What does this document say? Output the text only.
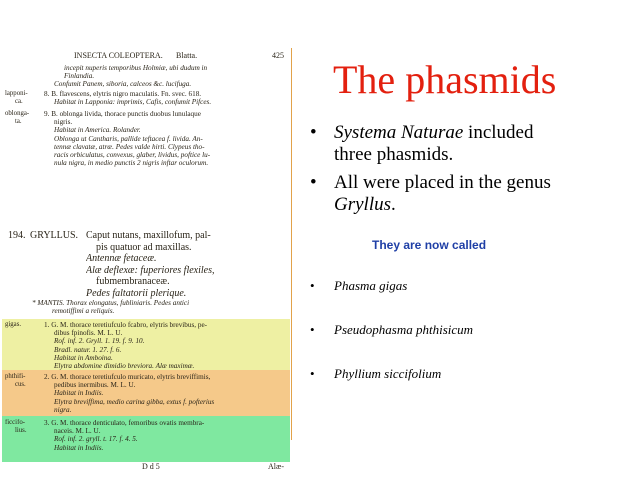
INSECTA COLEOPTERA. Blatta.	425
incepit nuperis temporibus Holmiæ, ubi dudum in
Finlandia.
Confumit Panem, siboria, calceos &c. lucifuga.
lapponi-
ca.
8. B. flavescens, elytris nigro maculatis. Fn. svec. 618.
Habitat in Lapponia: imprimis, Cafis, confumit Pifces.
oblonga-
ta.
9. B. oblonga livida, thorace punctis duobus lunulaque
nigris.
Habitat in America. Rolander.
Oblonga ut Cantharis, pallide teftacea f. livida. An-
tennæ clavatæ, atræ. Pedes valde hirti. Clypeus tho-
racis orbiculatus, convexus, glaber, lividus, poftice lu-
nula nigra, in medio punctis 2 nigris inftar oculorum.
194. GRYLLUS. Caput nutans, maxillofum, pal-
pis quatuor ad maxillas.
Antennæ fetaceæ.
Alæ deflexæ: fuperiores flexiles,
fubmembranaceæ.
Pedes faltatorii plerique.
* MANTIS. Thorax elongatus, fubliniaris. Pedes antici
remotiffimi a reliquis.
gigas.	1. G. M. thorace teretiufculo fcabro, elytris brevibus, pe-
dibus fpinofis. M. L. U.
Rof. inf. 2. Gryll. 1. 19. f. 9. 10.
Bradl. natur. 1. 27. f. 6.
Habitat in Amboina.
Elytra abdomine dimidio breviora. Alæ maximæ.
phthifi-
cus.
2. G. M. thorace teretiufculo muricato, elytris breviffimis,
pedibus inermibus. M. L. U.
Habitat in Indiis.
Elytra breviffima, medio carina gibba, extus f. pofterius
nigra.
ficcifo-
lius.
3. G. M. thorace denticulato, femoribus ovatis membra-
naceis. M. L. U.
Rof. inf. 2. gryll. t. 17. f. 4. 5.
Habitat in Indiis.
D d 5	Alæ-
The phasmids
• Systema Naturae included
three phasmids.
• All were placed in the genus
Gryllus.
They are now called
• Phasma gigas
• Pseudophasma phthisicum
• Phyllium siccifolium
